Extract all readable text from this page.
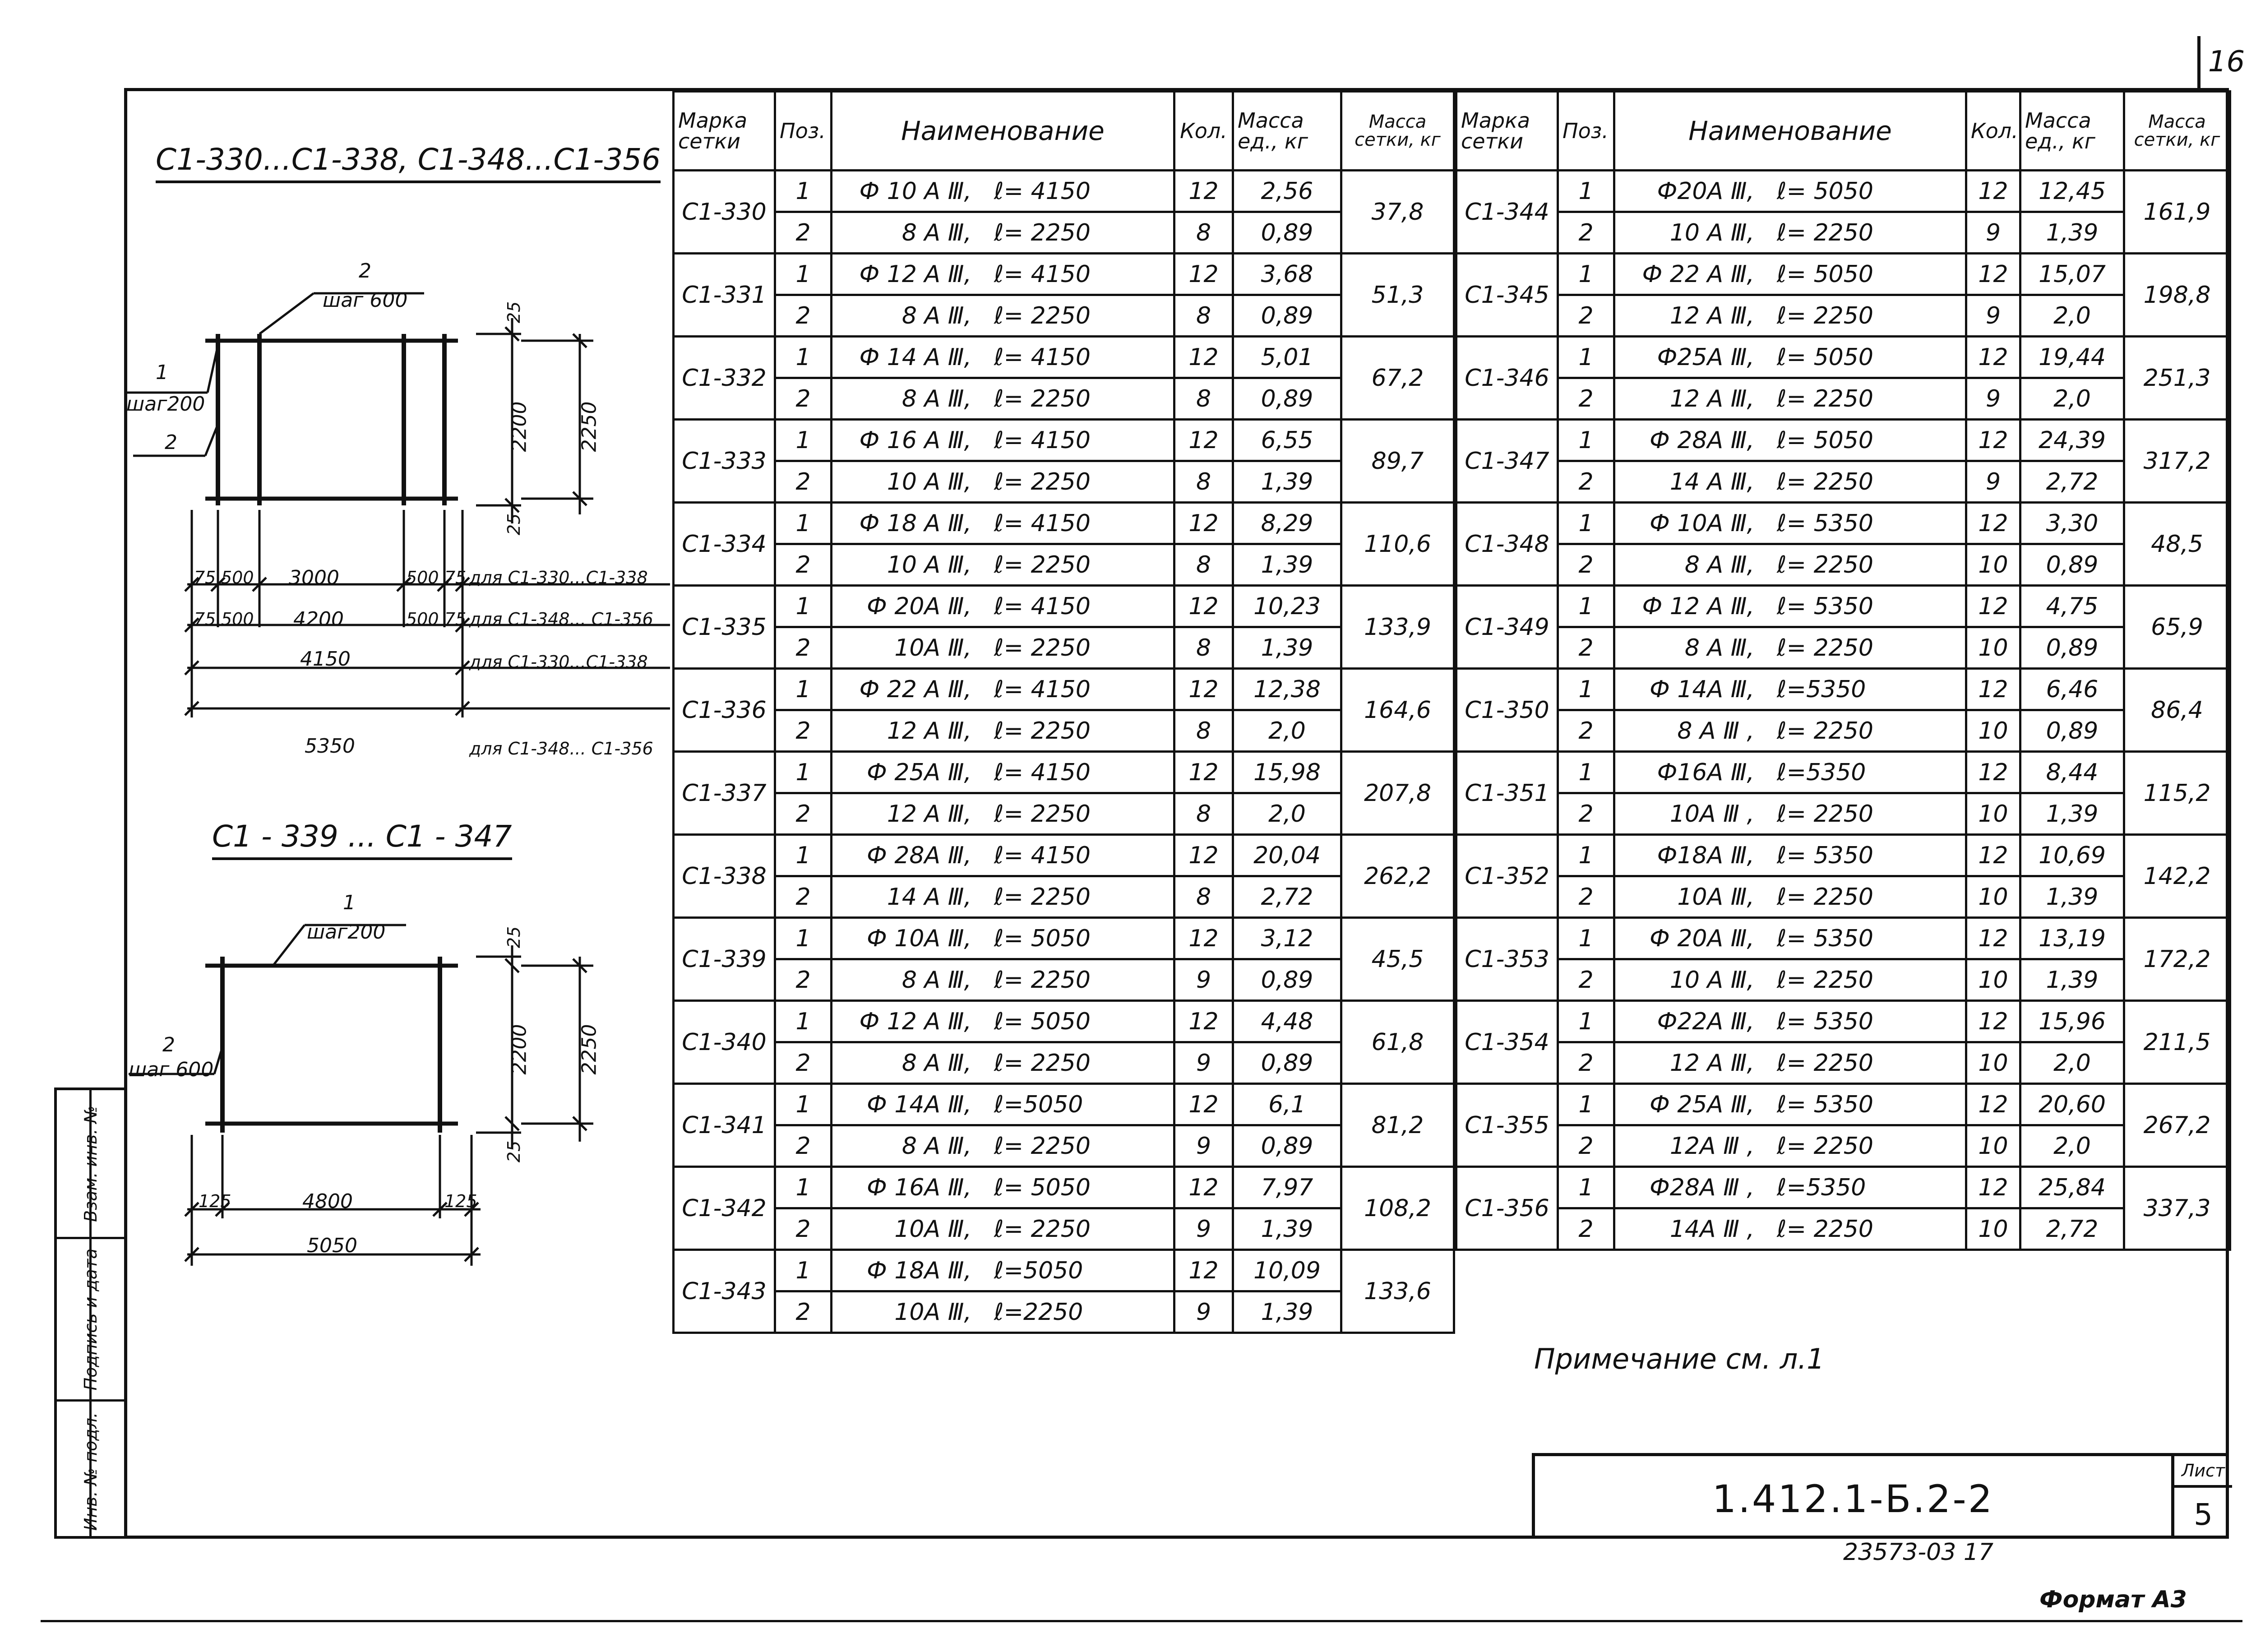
16
Взам. инв. №
Подпись и дата
Инв. № подл.
С1-330...С1-338, С1-348...С1-356
С1 - 339 ... С1 - 347
2
шаг 600
1
шаг200
2
25
2200 2250
25
75 500 3000	500 75 для С1-330...С1-338
75 500 4200	500 75 для С1-348... С1-356
4150	для С1-330...С1-338
5350	для С1-348... С1-356
1
шаг200
2
шаг 600
25
2200 2250
25
125	4800	125
5050
Марка сетки	Поз.	Наименование	Кол.	Масса ед., кг	Масса сетки, кг
С1-330	1	Ф 10 А Ⅲ, ℓ= 4150	12	2,56	37,8
	2	8 А Ⅲ, ℓ= 2250	8	0,89	
С1-331	1	Ф 12 А Ⅲ, ℓ= 4150	12	3,68	51,3
	2	8 А Ⅲ, ℓ= 2250	8	0,89	
С1-332	1	Ф 14 А Ⅲ, ℓ= 4150	12	5,01	67,2
	2	8 А Ⅲ, ℓ= 2250	8	0,89	
С1-333	1	Ф 16 А Ⅲ, ℓ= 4150	12	6,55	89,7
	2	10 А Ⅲ, ℓ= 2250	8	1,39	
С1-334	1	Ф 18 А Ⅲ, ℓ= 4150	12	8,29	110,6
	2	10 А Ⅲ, ℓ= 2250	8	1,39	
С1-335	1	Ф 20А Ⅲ, ℓ= 4150	12	10,23	133,9
	2	10А Ⅲ, ℓ= 2250	8	1,39	
С1-336	1	Ф 22 А Ⅲ, ℓ= 4150	12	12,38	164,6
	2	12 А Ⅲ, ℓ= 2250	8	2,0	
С1-337	1	Ф 25А Ⅲ, ℓ= 4150	12	15,98	207,8
	2	12 А Ⅲ, ℓ= 2250	8	2,0	
С1-338	1	Ф 28А Ⅲ, ℓ= 4150	12	20,04	262,2
	2	14 А Ⅲ, ℓ= 2250	8	2,72	
С1-339	1	Ф 10А Ⅲ, ℓ= 5050	12	3,12	45,5
	2	8 А Ⅲ, ℓ= 2250	9	0,89	
С1-340	1	Ф 12 А Ⅲ, ℓ= 5050	12	4,48	61,8
	2	8 А Ⅲ, ℓ= 2250	9	0,89	
С1-341	1	Ф 14А Ⅲ, ℓ=5050	12	6,1	81,2
	2	8 А Ⅲ, ℓ= 2250	9	0,89	
С1-342	1	Ф 16А Ⅲ, ℓ= 5050	12	7,97	108,2
	2	10А Ⅲ, ℓ= 2250	9	1,39	
С1-343	1	Ф 18А Ⅲ, ℓ=5050	12	10,09	133,6
	2	10А Ⅲ, ℓ=2250	9	1,39	
Марка сетки	Поз.	Наименование	Кол.	Масса ед., кг	Масса сетки, кг
С1-344	1	Ф20А Ⅲ, ℓ= 5050	12	12,45	161,9
	2	10 А Ⅲ, ℓ= 2250	9	1,39	
С1-345	1	Ф 22 А Ⅲ, ℓ= 5050	12	15,07	198,8
	2	12 А Ⅲ, ℓ= 2250	9	2,0	
С1-346	1	Ф25А Ⅲ, ℓ= 5050	12	19,44	251,3
	2	12 А Ⅲ, ℓ= 2250	9	2,0	
С1-347	1	Ф 28А Ⅲ, ℓ= 5050	12	24,39	317,2
	2	14 А Ⅲ, ℓ= 2250	9	2,72	
С1-348	1	Ф 10А Ⅲ, ℓ= 5350	12	3,30	48,5
	2	8 А Ⅲ, ℓ= 2250	10	0,89	
С1-349	1	Ф 12 А Ⅲ, ℓ= 5350	12	4,75	65,9
	2	8 А Ⅲ, ℓ= 2250	10	0,89	
С1-350	1	Ф 14А Ⅲ, ℓ=5350	12	6,46	86,4
	2	8 А Ⅲ , ℓ= 2250	10	0,89	
С1-351	1	Ф16А Ⅲ, ℓ=5350	12	8,44	115,2
	2	10А Ⅲ , ℓ= 2250	10	1,39	
С1-352	1	Ф18А Ⅲ, ℓ= 5350	12	10,69	142,2
	2	10А Ⅲ, ℓ= 2250	10	1,39	
С1-353	1	Ф 20А Ⅲ, ℓ= 5350	12	13,19	172,2
	2	10 А Ⅲ, ℓ= 2250	10	1,39	
С1-354	1	Ф22А Ⅲ, ℓ= 5350	12	15,96	211,5
	2	12 А Ⅲ, ℓ= 2250	10	2,0	
С1-355	1	Ф 25А Ⅲ, ℓ= 5350	12	20,60	267,2
	2	12А Ⅲ , ℓ= 2250	10	2,0	
С1-356	1	Ф28А Ⅲ , ℓ=5350	12	25,84	337,3
	2	14А Ⅲ , ℓ= 2250	10	2,72	
Примечание см. л.1
1.412.1-Б.2-2
Лист
5
23573-03 17
Формат А3
